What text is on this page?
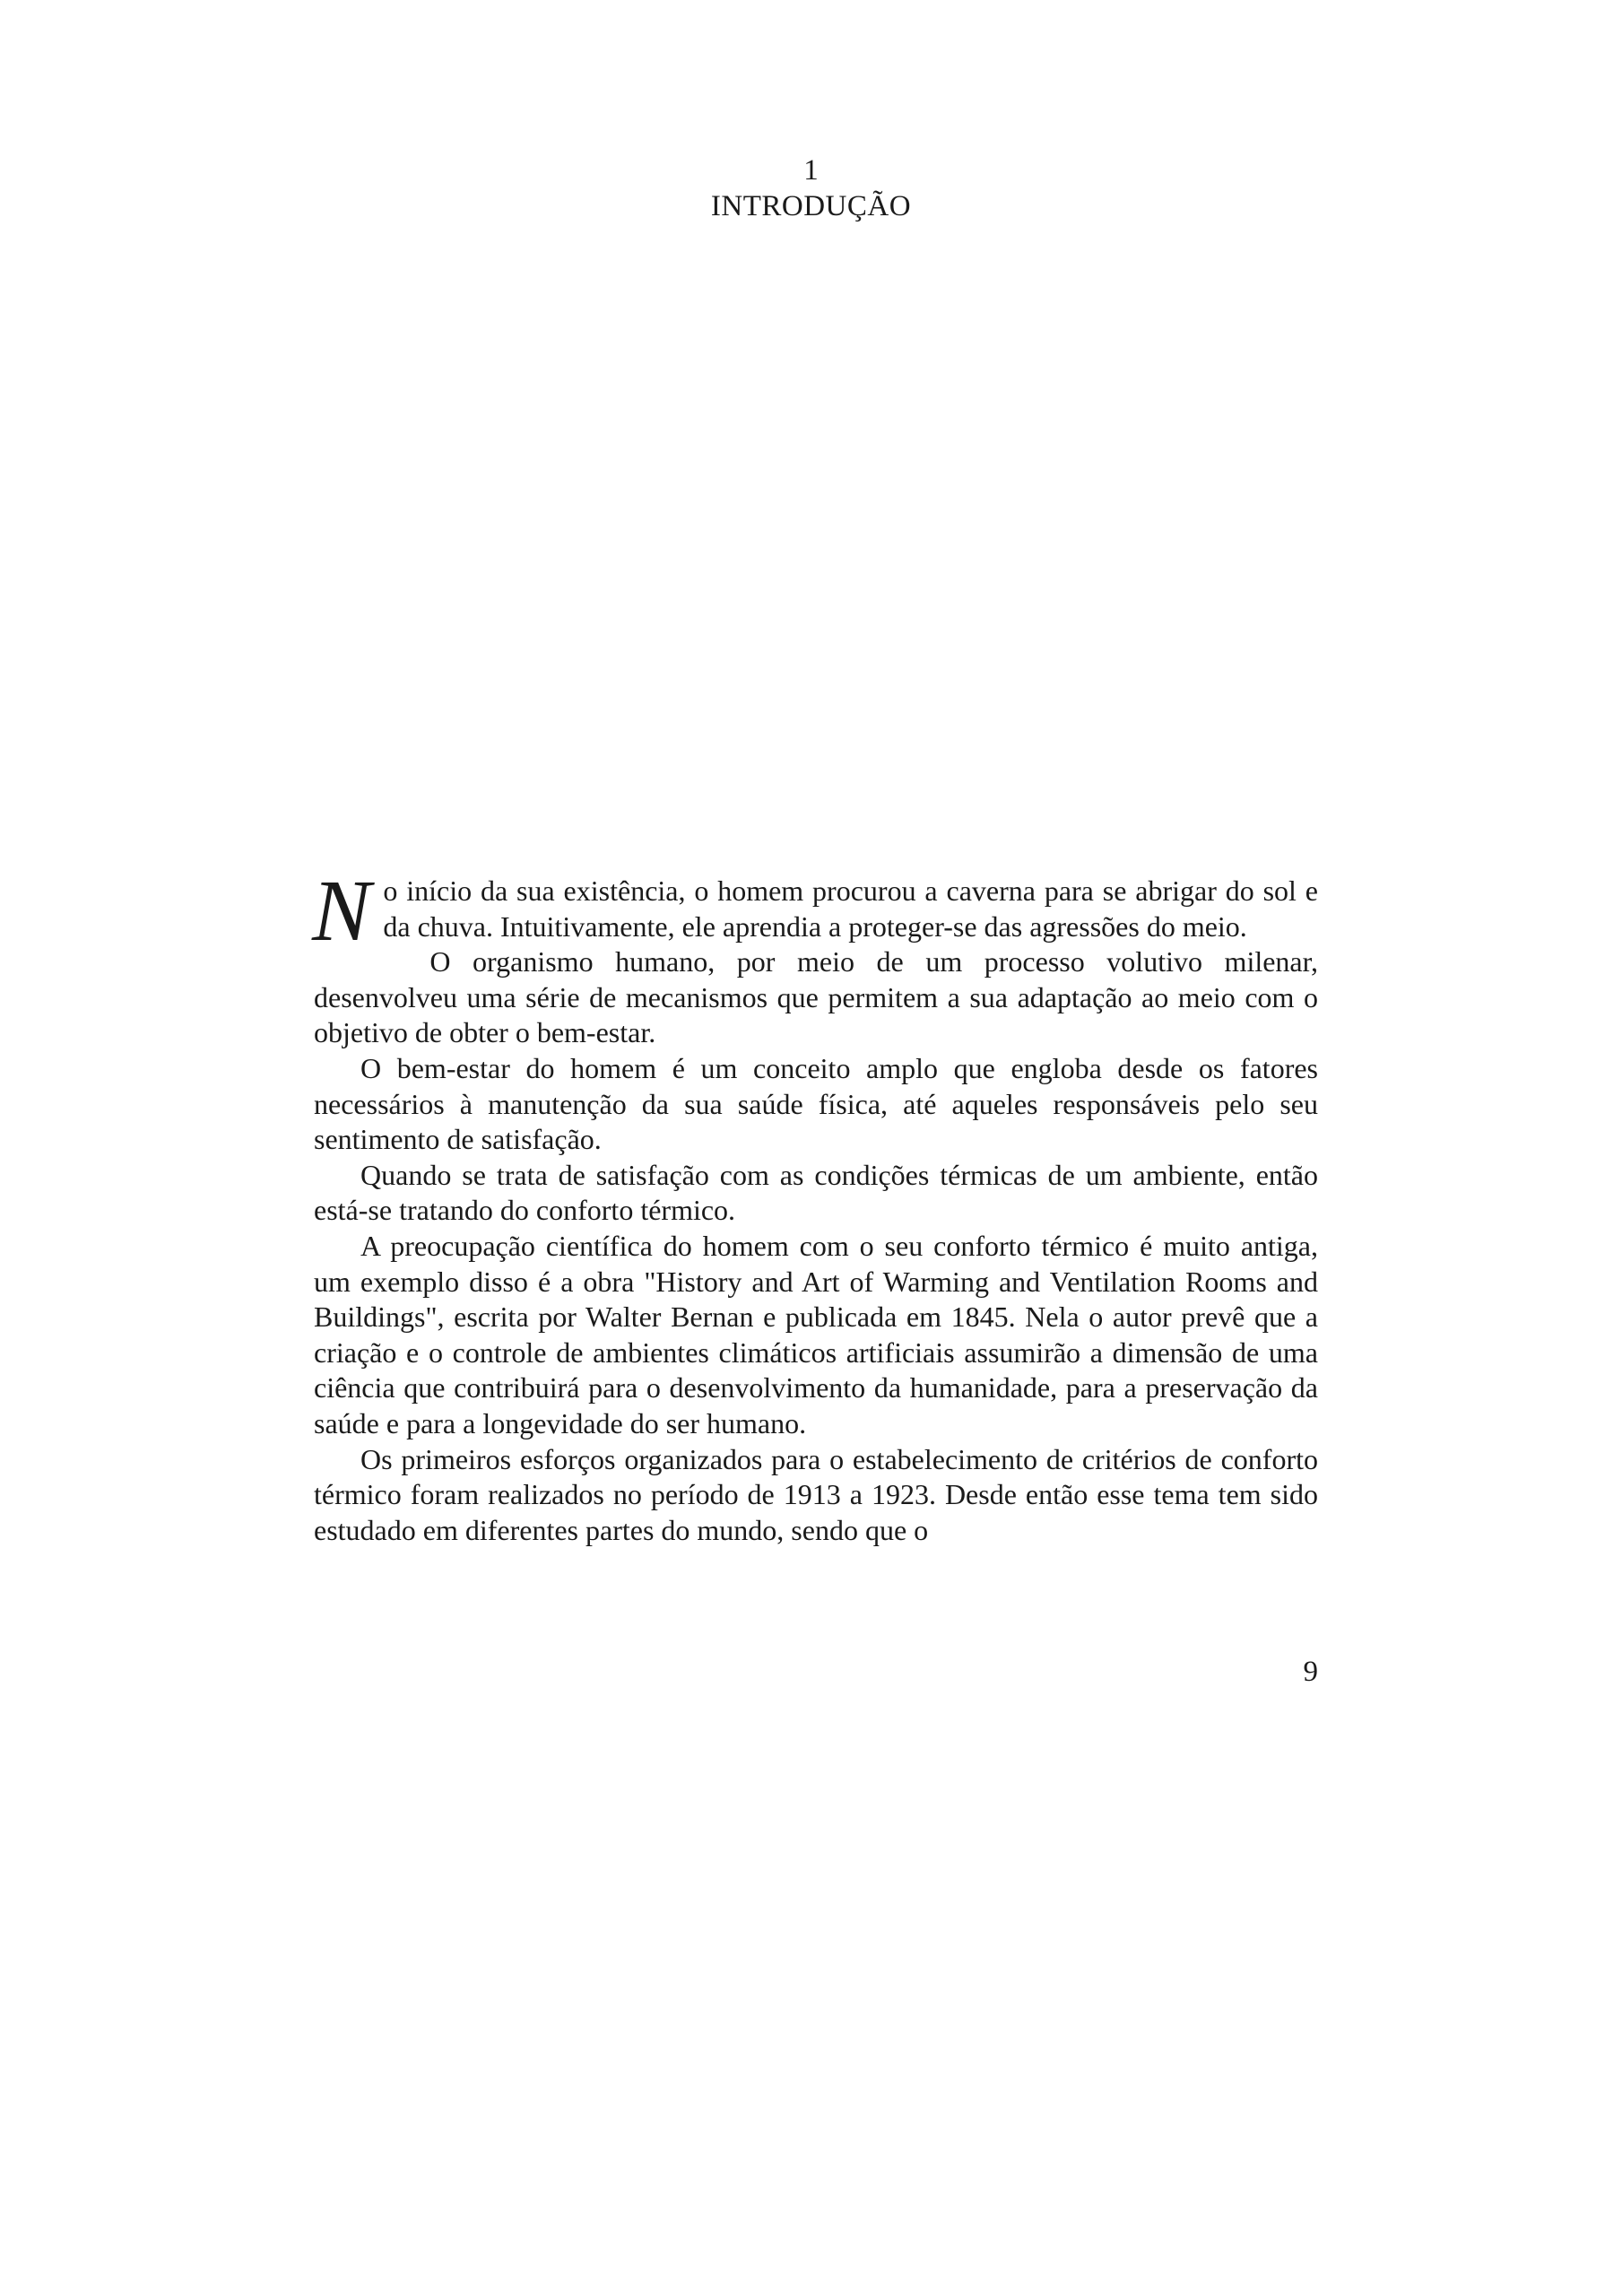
1
INTRODUÇÃO

No início da sua existência, o homem procurou a caverna para se abrigar do sol e da chuva. Intuitivamente, ele aprendia a proteger-se das agressões do meio.

O organismo humano, por meio de um processo volutivo milenar, desenvolveu uma série de mecanismos que permitem a sua adaptação ao meio com o objetivo de obter o bem-estar.

O bem-estar do homem é um conceito amplo que engloba desde os fatores necessários à manutenção da sua saúde física, até aqueles responsáveis pelo seu sentimento de satisfação.

Quando se trata de satisfação com as condições térmicas de um ambiente, então está-se tratando do conforto térmico.

A preocupação científica do homem com o seu conforto térmico é muito antiga, um exemplo disso é a obra "History and Art of Warming and Ventilation Rooms and Buildings", escrita por Walter Bernan e publicada em 1845. Nela o autor prevê que a criação e o controle de ambientes climáticos artificiais assumirão a dimensão de uma ciência que contribuirá para o desenvolvimento da humanidade, para a preservação da saúde e para a longevidade do ser humano.

Os primeiros esforços organizados para o estabelecimento de critérios de conforto térmico foram realizados no período de 1913 a 1923. Desde então esse tema tem sido estudado em diferentes partes do mundo, sendo que o

9
